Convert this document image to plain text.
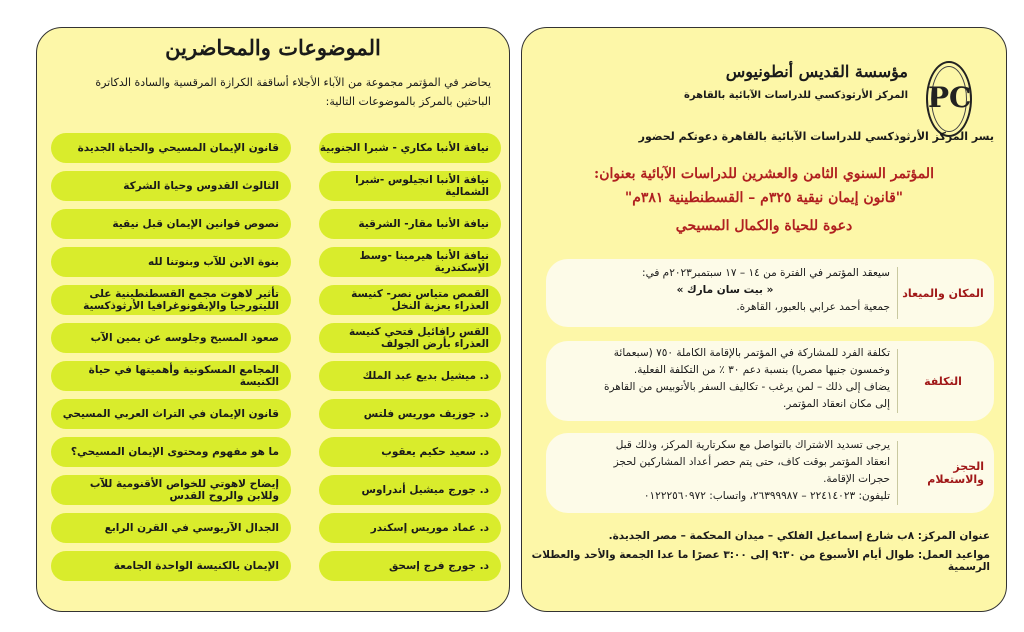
الموضوعات والمحاضرين
يحاضر في المؤتمر مجموعة من الآباء الأجلاء أساقفة الكرازة المرقسية والسادة الدكاترة الباحثين بالمركز بالموضوعات التالية:
نيافة الأنبا مكاري - شبرا الجنوبية
قانون الإيمان المسيحي والحياة الجديدة
نيافة الأنبا انجيلوس -شبرا الشمالية
الثالوث القدوس وحياة الشركة
نيافة الأنبا مقار- الشرقية
نصوص قوانين الإيمان قبل نيقية
نيافة الأنبا هيرمينا -وسط الإسكندرية
بنوة الابن للآب وبنوتنا لله
القمص متياس نصر- كنيسة العذراء بعزبة النخل
تأثير لاهوت مجمع القسطنطينية على الليتورجيا والإيقونوغرافيا الأرثوذكسية
القس رافائيل فتحي كنيسة العذراء بأرض الجولف
صعود المسيح وجلوسه عن يمين الآب
د. ميشيل بديع عبد الملك
المجامع المسكونية وأهميتها في حياة الكنيسة
د. جوزيف موريس فلتس
قانون الإيمان في التراث العربي المسيحي
د. سعيد حكيم يعقوب
ما هو مفهوم ومحتوى الإيمان المسيحي؟
د. جورج ميشيل أندراوس
إيضاح لاهوتي للخواص الأقنومية للآب وللابن والروح القدس
د. عماد موريس إسكندر
الجدال الآريوسي في القرن الرابع
د. جورج فرج إسحق
الإيمان بالكنيسة الواحدة الجامعة
PC
مؤسسة القديس أنطونيوس
المركز الأرثوذكسي للدراسات الآبائية بالقاهرة
يسر المركز الأرثوذكسي للدراسات الآبائية بالقاهرة دعوتكم لحضور
المؤتمر السنوي الثامن والعشرين للدراسات الآبائية بعنوان:
"قانون إيمان نيقية ٣٢٥م – القسطنطينية ٣٨١م"
دعوة للحياة والكمال المسيحي
المكان والميعاد
سيعقد المؤتمر في الفترة من ١٤ – ١٧ سبتمبر٢٠٢٣م في:
« بيت سان مارك »
جمعية أحمد عرابي بالعبور، القاهرة.
التكلفة
تكلفة الفرد للمشاركة في المؤتمر بالإقامة الكاملة ٧٥٠ (سبعمائة
وخمسون جنيها مصريا) بنسبة دعم ٣٠ ٪ من التكلفة الفعلية.
يضاف إلى ذلك – لمن يرغب - تكاليف السفر بالأتوبيس من القاهرة
إلى مكان انعقاد المؤتمر.
الحجز والاستعلام
يرجى تسديد الاشتراك بالتواصل مع سكرتارية المركز، وذلك قبل
انعقاد المؤتمر بوقت كاف، حتى يتم حصر أعداد المشاركين لحجز
حجرات الإقامة.
تليفون: ٢٢٤١٤٠٢٣ – ٢٦٣٩٩٩٨٧، واتساب: ٠١٢٢٢٥٦٠٩٧٢
عنوان المركز: ٨ب شارع إسماعيل الفلكي – ميدان المحكمة – مصر الجديدة.
مواعيد العمل: طوال أيام الأسبوع من ٩:٣٠ إلى ٣:٠٠ عصرًا ما عدا الجمعة والأحد والعطلات الرسمية
